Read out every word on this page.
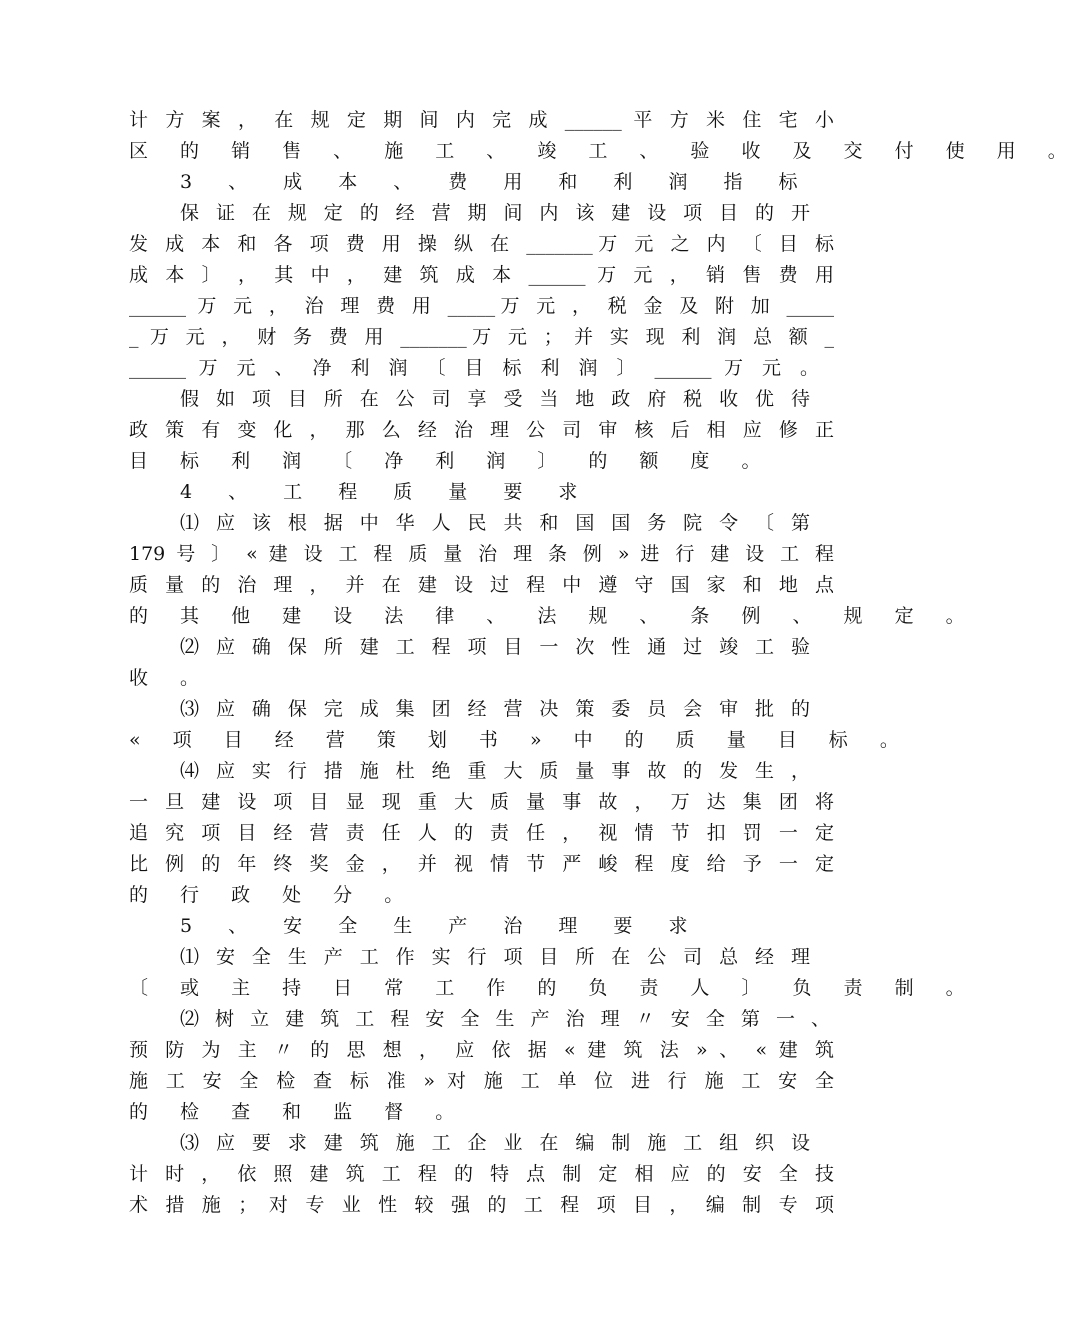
计 方 案 ， 在 规 定 期 间 内 完 成 ______ 平 方 米 住 宅 小
区 的 销 售 、 施 工 、 竣 工 、 验 收 及 交 付 使 用 。
3 、 成 本 、 费 用 和 利 润 指 标
保 证 在 规 定 的 经 营 期 间 内 该 建 设 项 目 的 开
发 成 本 和 各 项 费 用 操 纵 在 _______万 元 之 内 〔 目 标
成 本 〕 ， 其 中 ， 建 筑 成 本 ______ 万 元 ， 销 售 费 用
______ 万 元 ， 治 理 费 用 _____万 元 ， 税 金 及 附 加 _____
_ 万 元 ， 财 务 费 用 _______万 元 ； 并 实 现 利 润 总 额 _
______ 万 元 、 净 利 润 〔 目 标 利 润 〕 ______ 万 元 。
假 如 项 目 所 在 公 司 享 受 当 地 政 府 税 收 优 待
政 策 有 变 化 ， 那 么 经 治 理 公 司 审 核 后 相 应 修 正
目 标 利 润 〔 净 利 润 〕 的 额 度 。
4 、 工 程 质 量 要 求
⑴ 应 该 根 据 中 华 人 民 共 和 国 国 务 院 令 〔 第
179 号 〕 « 建 设 工 程 质 量 治 理 条 例 » 进 行 建 设 工 程
质 量 的 治 理 ， 并 在 建 设 过 程 中 遵 守 国 家 和 地 点
的 其 他 建 设 法 律 、 法 规 、 条 例 、 规 定 。
⑵ 应 确 保 所 建 工 程 项 目 一 次 性 通 过 竣 工 验
收 。
⑶ 应 确 保 完 成 集 团 经 营 决 策 委 员 会 审 批 的
« 项 目 经 营 策 划 书 » 中 的 质 量 目 标 。
⑷ 应 实 行 措 施 杜 绝 重 大 质 量 事 故 的 发 生 ，
一 旦 建 设 项 目 显 现 重 大 质 量 事 故 ， 万 达 集 团 将
追 究 项 目 经 营 责 任 人 的 责 任 ， 视 情 节 扣 罚 一 定
比 例 的 年 终 奖 金 ， 并 视 情 节 严 峻 程 度 给 予 一 定
的 行 政 处 分 。
5 、 安 全 生 产 治 理 要 求
⑴ 安 全 生 产 工 作 实 行 项 目 所 在 公 司 总 经 理
〔 或 主 持 日 常 工 作 的 负 责 人 〕 负 责 制 。
⑵ 树 立 建 筑 工 程 安 全 生 产 治 理 〃 安 全 第 一 、
预 防 为 主 〃 的 思 想 ， 应 依 据 « 建 筑 法 » 、 « 建 筑
施 工 安 全 检 查 标 准 » 对 施 工 单 位 进 行 施 工 安 全
的 检 查 和 监 督 。
⑶ 应 要 求 建 筑 施 工 企 业 在 编 制 施 工 组 织 设
计 时 ， 依 照 建 筑 工 程 的 特 点 制 定 相 应 的 安 全 技
术 措 施 ； 对 专 业 性 较 强 的 工 程 项 目 ， 编 制 专 项
